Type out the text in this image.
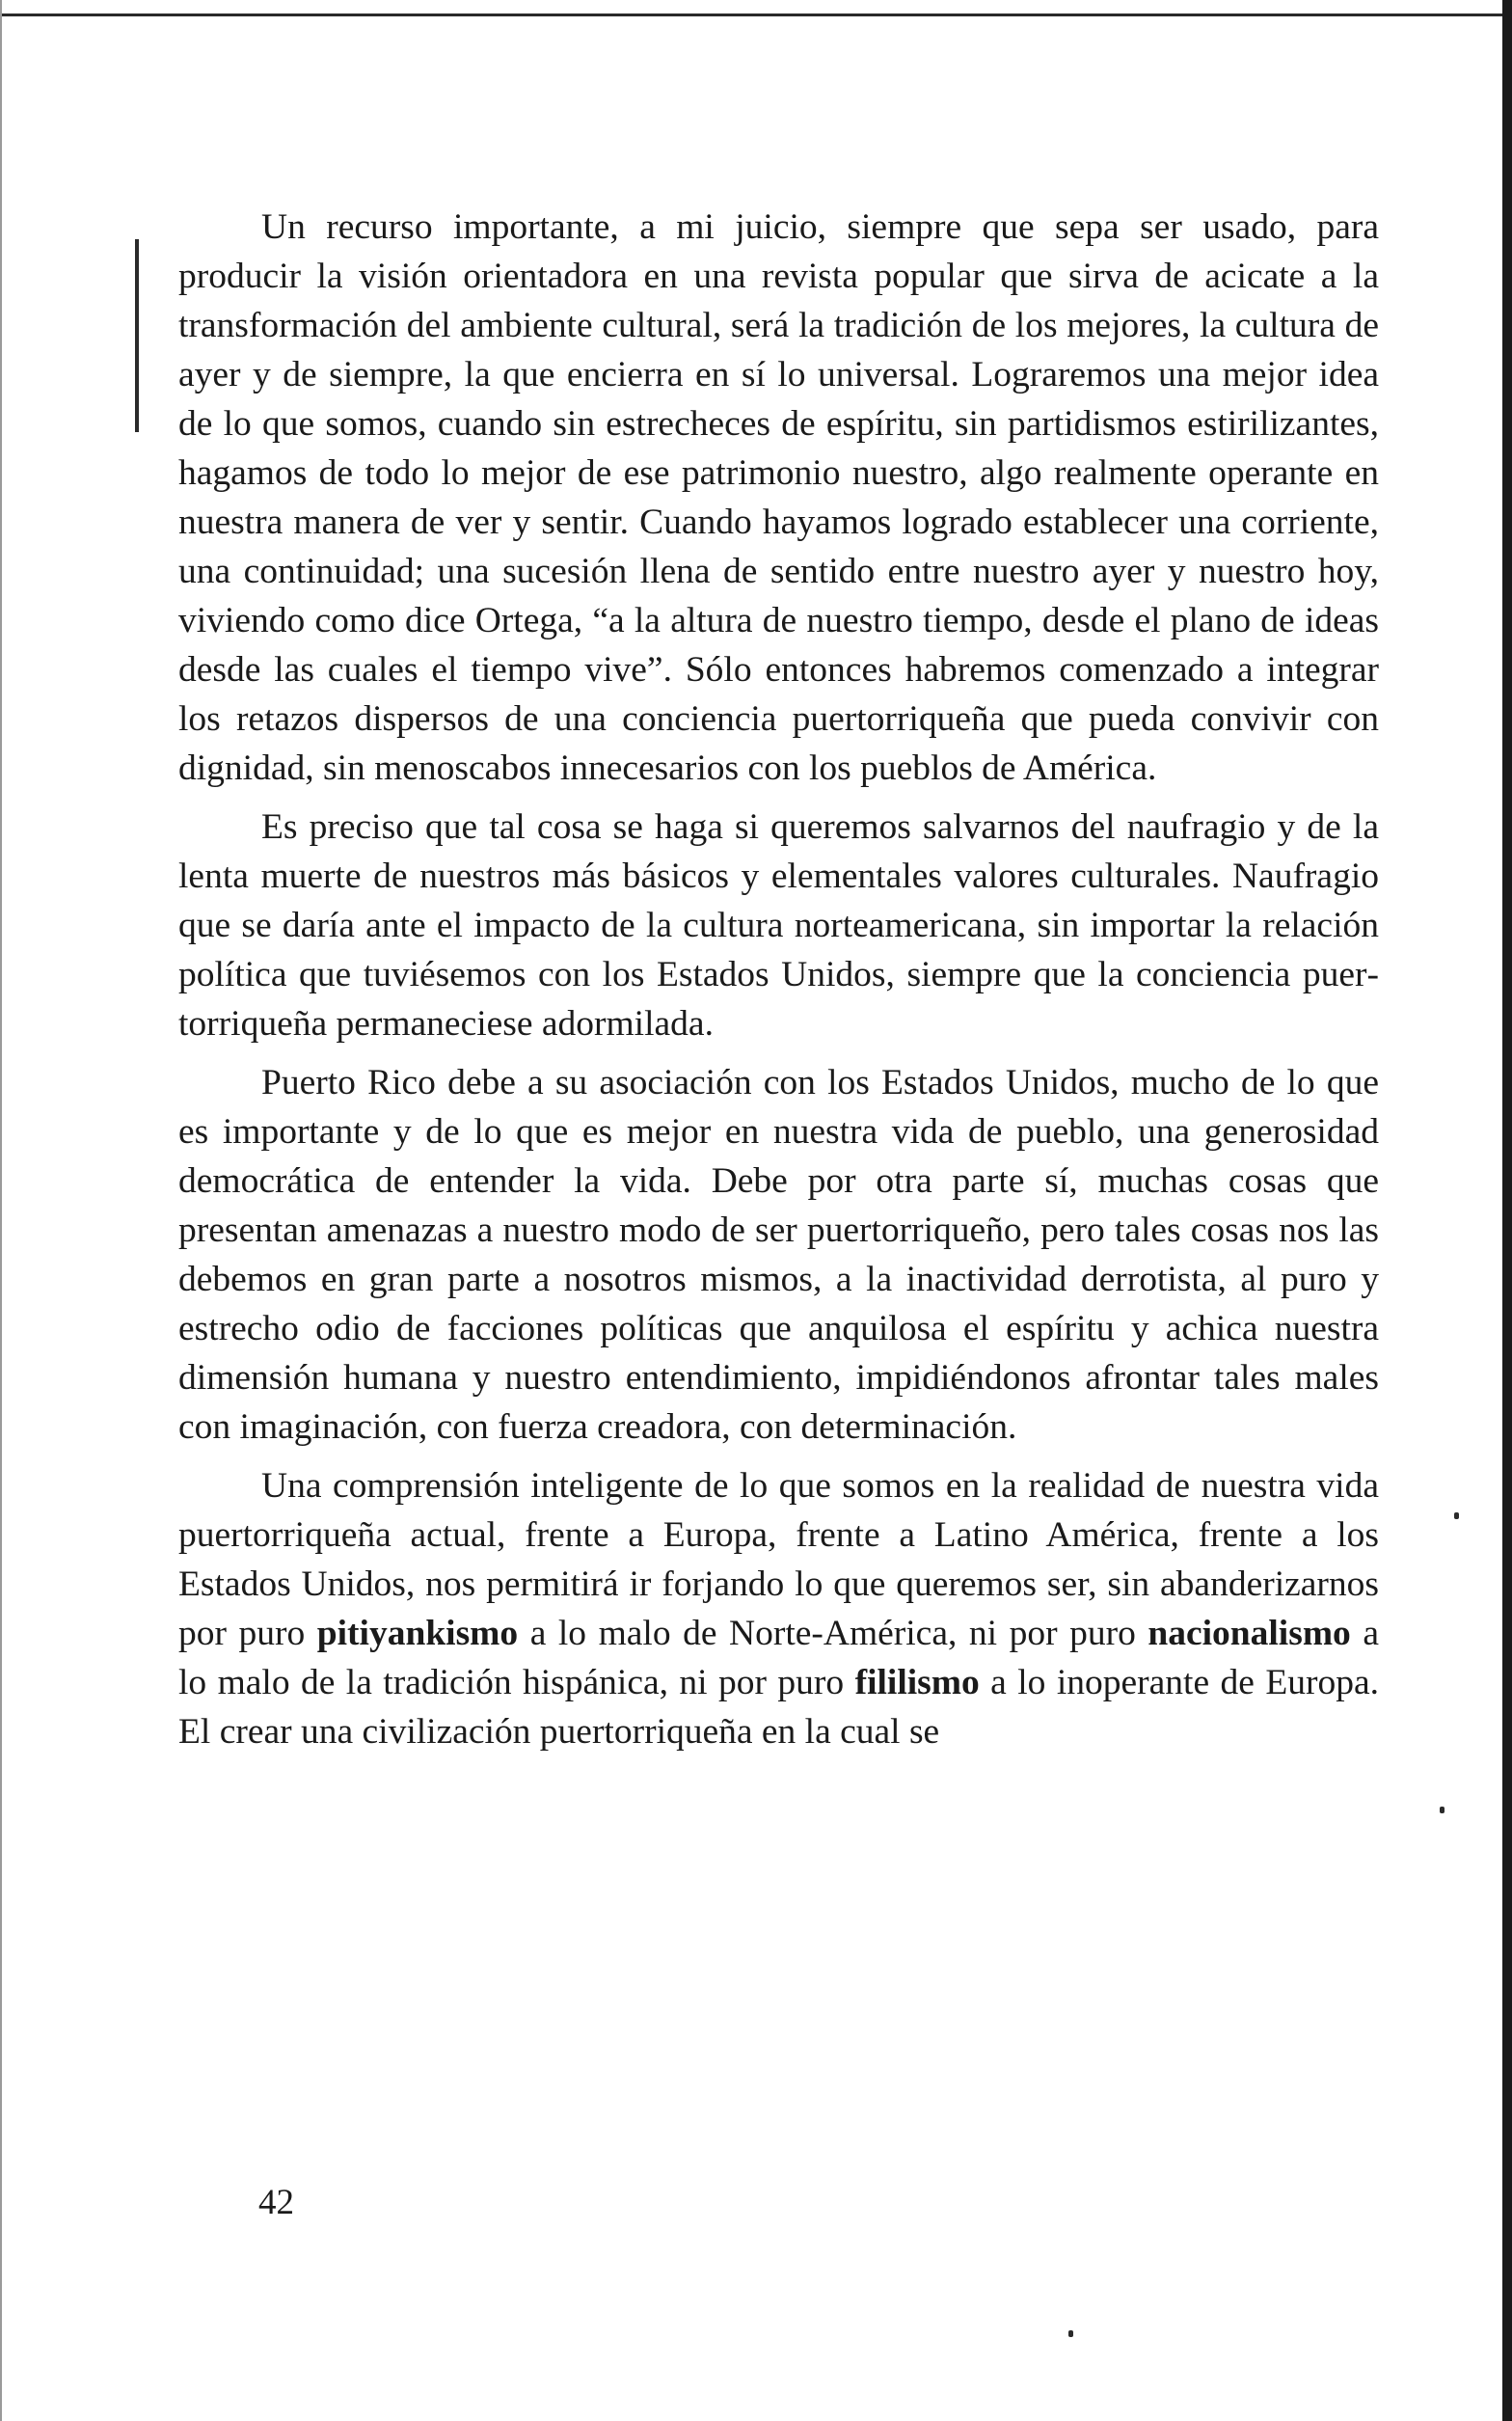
Un recurso importante, a mi juicio, siempre que sepa ser usado, para producir la visión orientadora en una revista popular que sirva de acicate a la transformación del ambiente cultural, será la tradición de los mejores, la cultura de ayer y de siempre, la que encierra en sí lo universal. Lograremos una mejor idea de lo que somos, cuando sin estrecheces de espíritu, sin partidismos estirilizantes, hagamos de todo lo mejor de ese patrimonio nuestro, algo realmente operante en nuestra manera de ver y sentir. Cuando hayamos logrado establecer una corriente, una continuidad; una sucesión llena de sentido entre nuestro ayer y nuestro hoy, viviendo como dice Ortega, “a la altura de nuestro tiempo, desde el plano de ideas desde las cuales el tiempo vive”. Sólo entonces habremos comenzado a integrar los retazos dispersos de una conciencia puertorriqueña que pueda convivir con dignidad, sin menoscabos innecesarios con los pueblos de América.

Es preciso que tal cosa se haga si queremos salvarnos del naufragio y de la lenta muerte de nuestros más básicos y elementales valores culturales. Naufragio que se daría ante el impacto de la cultura norteamericana, sin importar la relación política que tuviésemos con los Estados Unidos, siempre que la conciencia puertorriqueña permaneciese adormilada.

Puerto Rico debe a su asociación con los Estados Unidos, mucho de lo que es importante y de lo que es mejor en nuestra vida de pueblo, una generosidad democrática de entender la vida. Debe por otra parte sí, muchas cosas que presentan amenazas a nuestro modo de ser puertorriqueño, pero tales cosas nos las debemos en gran parte a nosotros mismos, a la inactividad derrotista, al puro y estrecho odio de facciones políticas que anquilosa el espíritu y achica nuestra dimensión humana y nuestro entendimiento, impidiéndonos afrontar tales males con imaginación, con fuerza creadora, con determinación.

Una comprensión inteligente de lo que somos en la realidad de nuestra vida puertorriqueña actual, frente a Europa, frente a Latino América, frente a los Estados Unidos, nos permitirá ir forjando lo que queremos ser, sin abanderizarnos por puro pitiyankismo a lo malo de Norte-América, ni por puro nacionalismo a lo malo de la tradición hispánica, ni por puro fililismo a lo inoperante de Europa. El crear una civilización puertorriqueña en la cual se

42
